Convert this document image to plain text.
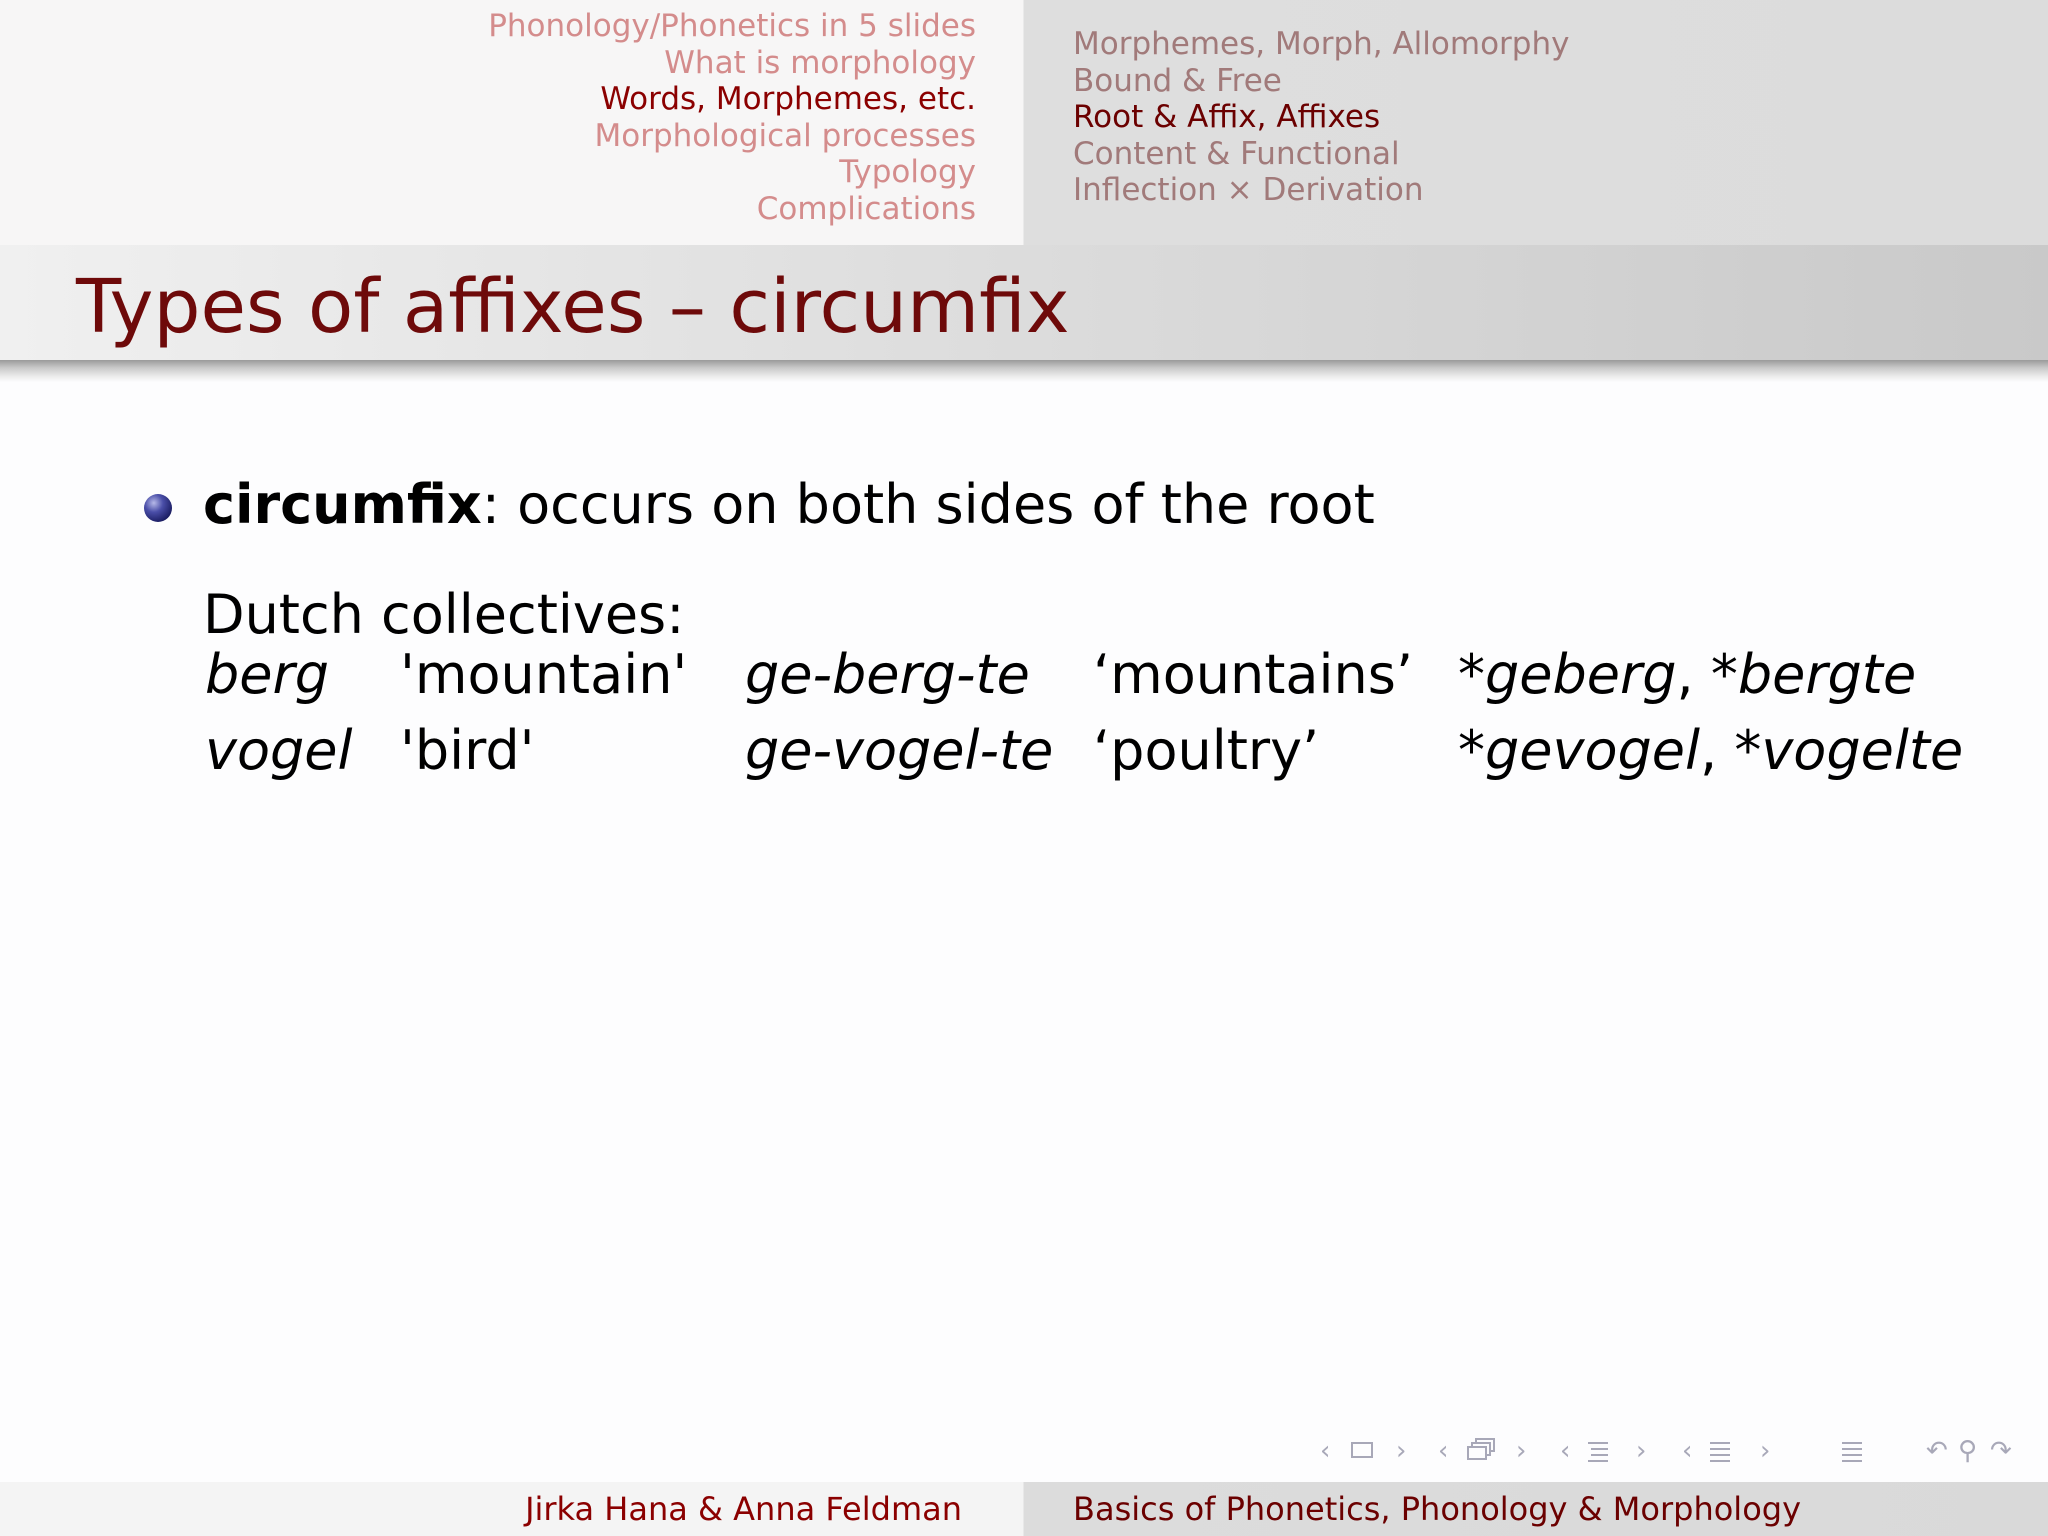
Phonology/Phonetics in 5 slides
What is morphology
Words, Morphemes, etc.
Morphological processes
Typology
Complications
Morphemes, Morph, Allomorphy
Bound & Free
Root & Affix, Affixes
Content & Functional
Inflection × Derivation
Types of affixes – circumfix
circumfix: occurs on both sides of the root
Dutch collectives:
berg 'mountain' ge-berg-te ‘mountains’ *geberg, *bergte
vogel 'bird'	ge-vogel-te ‘poultry’	*gevogel, *vogelte
‹	› ‹	› ‹	› ‹	›	↶ ⚲ ↷
Jirka Hana & Anna Feldman	Basics of Phonetics, Phonology & Morphology
